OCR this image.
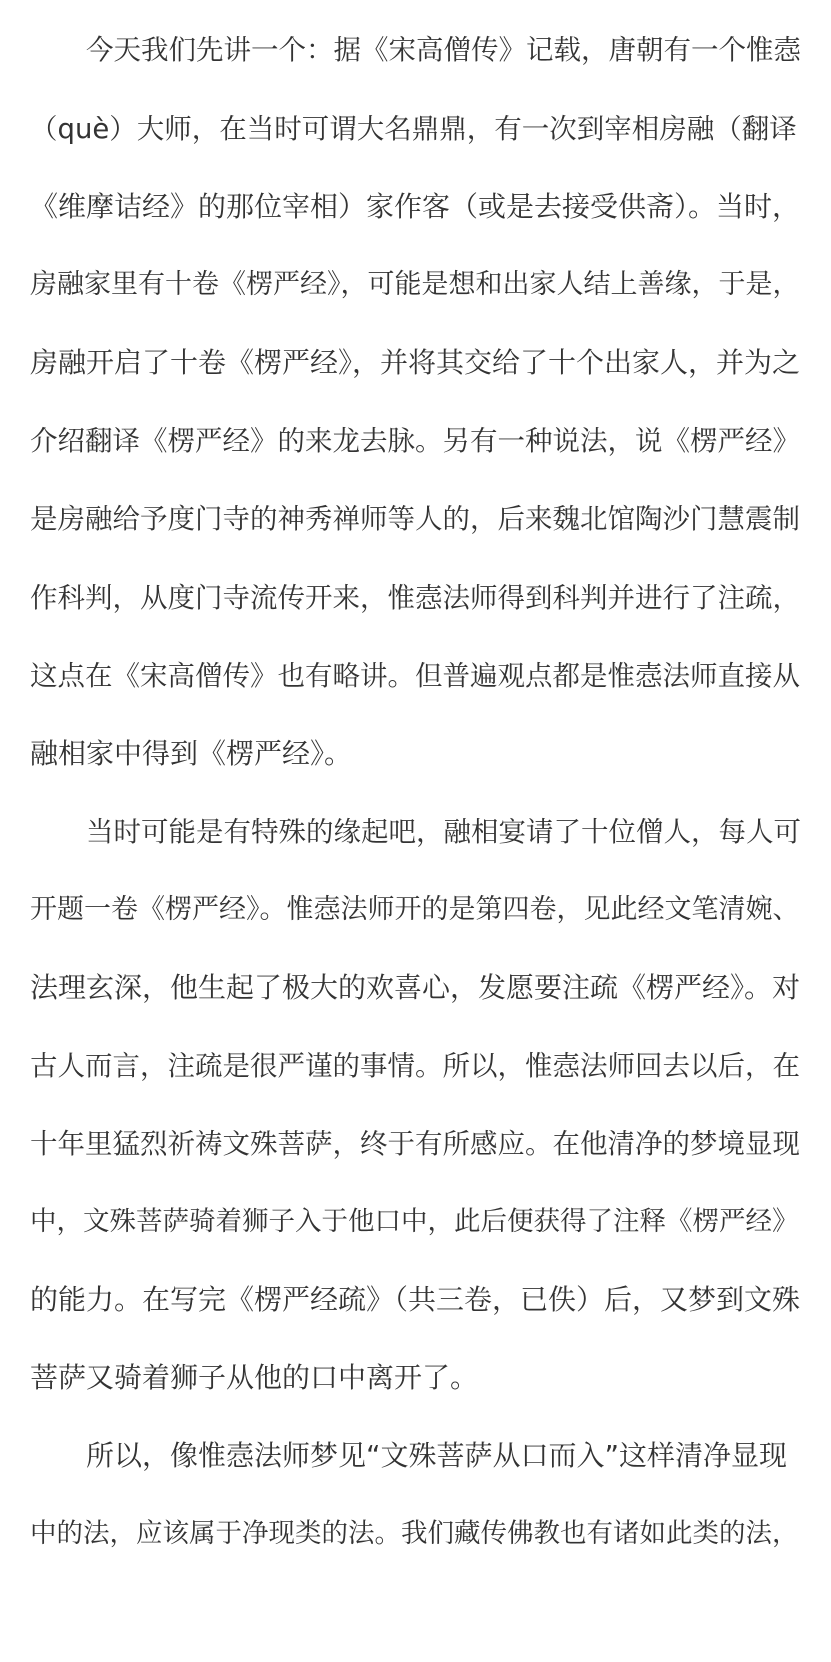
今天我们先讲一个：据《宋高僧传》记载，唐朝有一个惟悫
（què）大师，在当时可谓大名鼎鼎，有一次到宰相房融（翻译
《维摩诘经》的那位宰相）家作客（或是去接受供斋）。当时，
房融家里有十卷《楞严经》，可能是想和出家人结上善缘，于是，
房融开启了十卷《楞严经》，并将其交给了十个出家人，并为之
介绍翻译《楞严经》的来龙去脉。另有一种说法，说《楞严经》
是房融给予度门寺的神秀禅师等人的，后来魏北馆陶沙门慧震制
作科判，从度门寺流传开来，惟悫法师得到科判并进行了注疏，
这点在《宋高僧传》也有略讲。但普遍观点都是惟悫法师直接从
融相家中得到《楞严经》。
当时可能是有特殊的缘起吧，融相宴请了十位僧人，每人可
开题一卷《楞严经》。惟悫法师开的是第四卷，见此经文笔清婉、
法理玄深，他生起了极大的欢喜心，发愿要注疏《楞严经》。对
古人而言，注疏是很严谨的事情。所以，惟悫法师回去以后，在
十年里猛烈祈祷文殊菩萨，终于有所感应。在他清净的梦境显现
中，文殊菩萨骑着狮子入于他口中，此后便获得了注释《楞严经》
的能力。在写完《楞严经疏》（共三卷，已佚）后，又梦到文殊
菩萨又骑着狮子从他的口中离开了。
所以，像惟悫法师梦见“文殊菩萨从口而入”这样清净显现
中的法，应该属于净现类的法。我们藏传佛教也有诸如此类的法，
